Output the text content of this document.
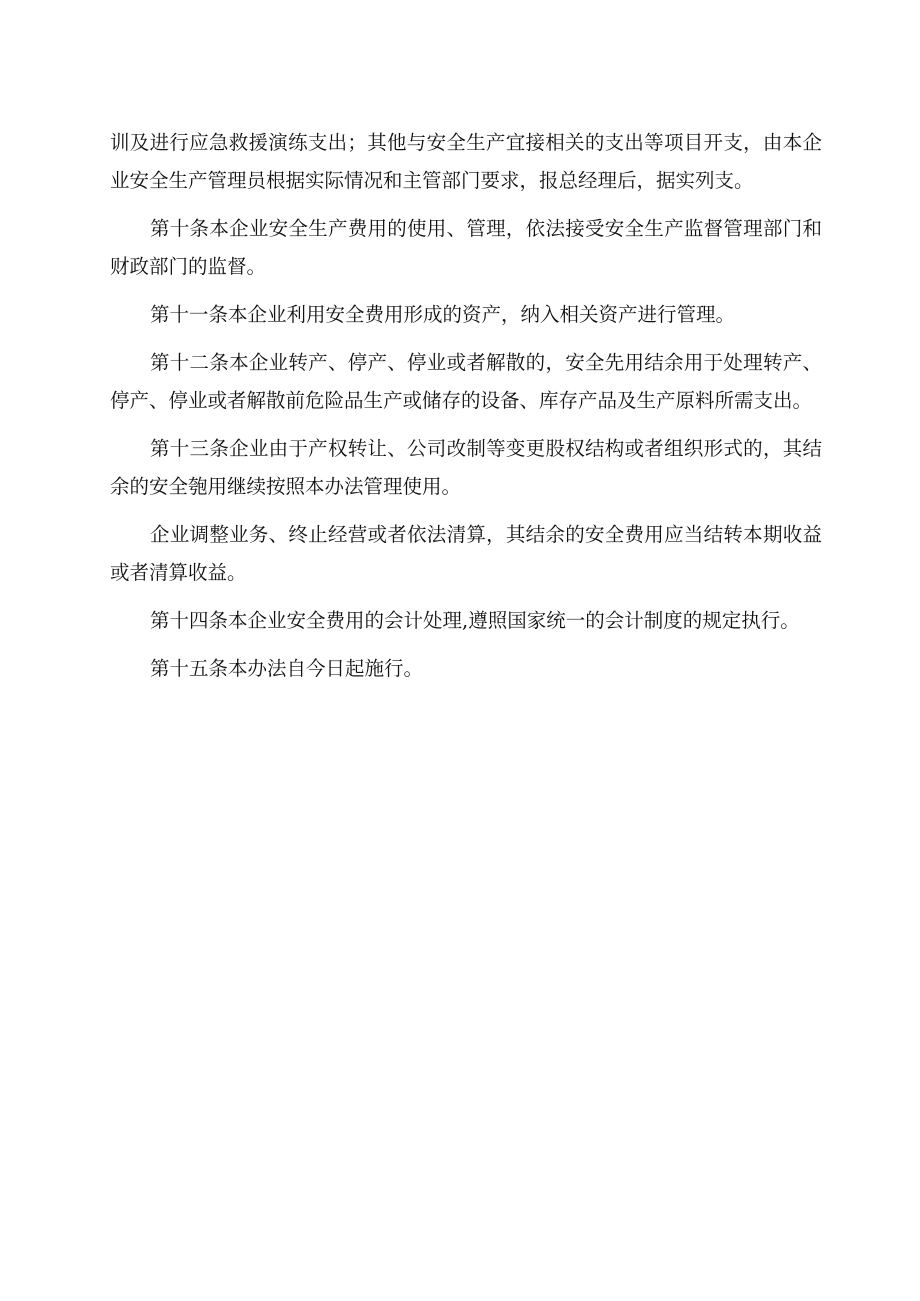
训及进行应急救援演练支出；其他与安全生产宜接相关的支出等项目开支，由本企业安全生产管理员根据实际情况和主管部门要求，报总经理后，据实列支。

第十条本企业安全生产费用的使用、管理，依法接受安全生产监督管理部门和财政部门的监督。

第十一条本企业利用安全费用形成的资产，纳入相关资产进行管理。

第十二条本企业转产、停产、停业或者解散的，安全先用结余用于处理转产、停产、停业或者解散前危险品生产或储存的设备、库存产品及生产原料所需支出。

第十三条企业由于产权转让、公司改制等变更股权结构或者组织形式的，其结余的安全匏用继续按照本办法管理使用。

企业调整业务、终止经营或者依法清算，其结余的安全费用应当结转本期收益或者清算收益。

第十四条本企业安全费用的会计处理,遵照国家统一的会计制度的规定执行。

第十五条本办法自今日起施行。
